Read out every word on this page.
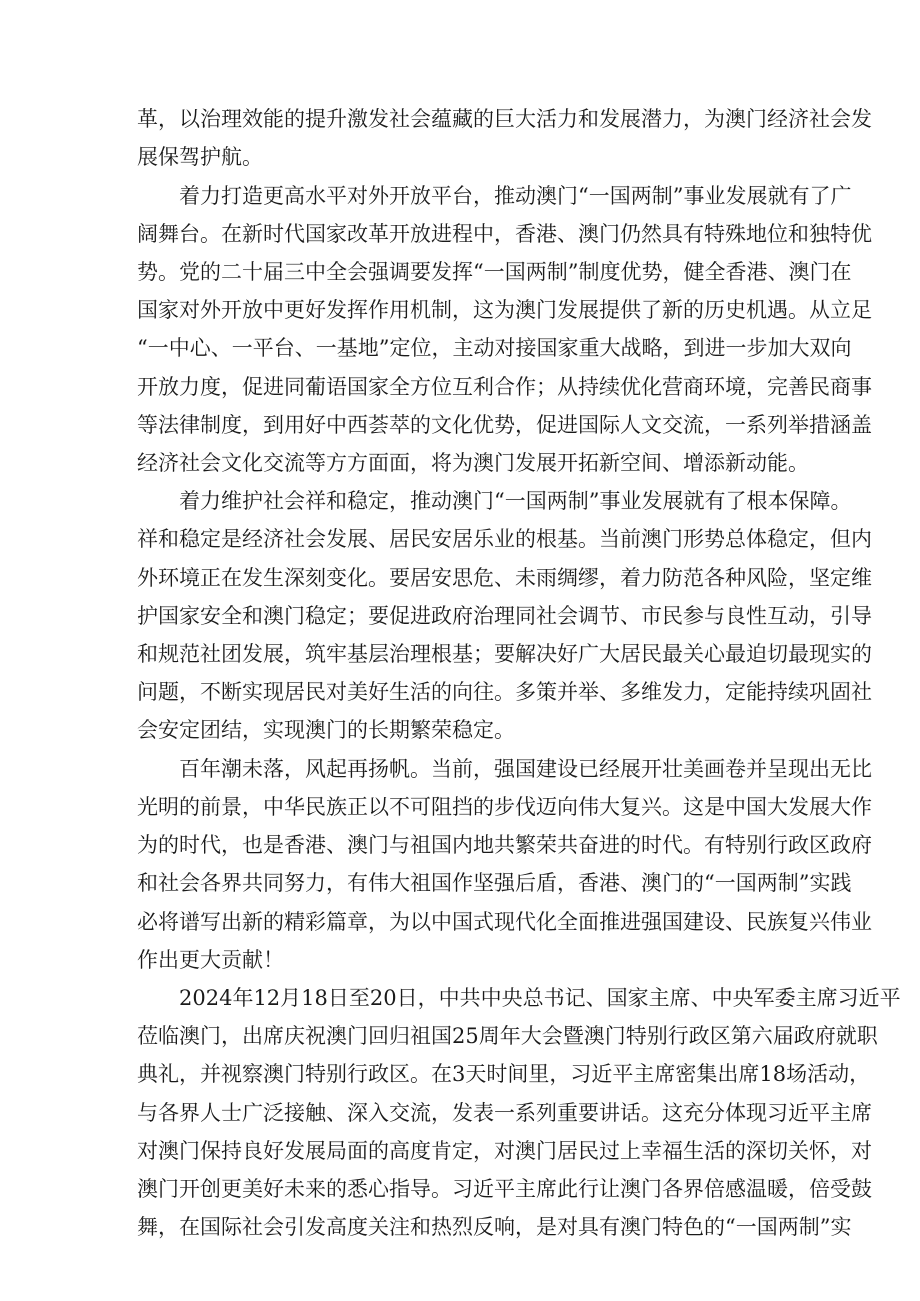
革，以治理效能的提升激发社会蕴藏的巨大活力和发展潜力，为澳门经济社会发
展保驾护航。
着力打造更高水平对外开放平台，推动澳门“一国两制”事业发展就有了广
阔舞台。在新时代国家改革开放进程中，香港、澳门仍然具有特殊地位和独特优
势。党的二十届三中全会强调要发挥“一国两制”制度优势，健全香港、澳门在
国家对外开放中更好发挥作用机制，这为澳门发展提供了新的历史机遇。从立足
“一中心、一平台、一基地”定位，主动对接国家重大战略，到进一步加大双向
开放力度，促进同葡语国家全方位互利合作；从持续优化营商环境，完善民商事
等法律制度，到用好中西荟萃的文化优势，促进国际人文交流，一系列举措涵盖
经济社会文化交流等方方面面，将为澳门发展开拓新空间、增添新动能。
着力维护社会祥和稳定，推动澳门“一国两制”事业发展就有了根本保障。
祥和稳定是经济社会发展、居民安居乐业的根基。当前澳门形势总体稳定，但内
外环境正在发生深刻变化。要居安思危、未雨绸缪，着力防范各种风险，坚定维
护国家安全和澳门稳定；要促进政府治理同社会调节、市民参与良性互动，引导
和规范社团发展，筑牢基层治理根基；要解决好广大居民最关心最迫切最现实的
问题，不断实现居民对美好生活的向往。多策并举、多维发力，定能持续巩固社
会安定团结，实现澳门的长期繁荣稳定。
百年潮未落，风起再扬帆。当前，强国建设已经展开壮美画卷并呈现出无比
光明的前景，中华民族正以不可阻挡的步伐迈向伟大复兴。这是中国大发展大作
为的时代，也是香港、澳门与祖国内地共繁荣共奋进的时代。有特别行政区政府
和社会各界共同努力，有伟大祖国作坚强后盾，香港、澳门的“一国两制”实践
必将谱写出新的精彩篇章，为以中国式现代化全面推进强国建设、民族复兴伟业
作出更大贡献！
2024年12月18日至20日，中共中央总书记、国家主席、中央军委主席习近平
莅临澳门，出席庆祝澳门回归祖国25周年大会暨澳门特别行政区第六届政府就职
典礼，并视察澳门特别行政区。在3天时间里，习近平主席密集出席18场活动，
与各界人士广泛接触、深入交流，发表一系列重要讲话。这充分体现习近平主席
对澳门保持良好发展局面的高度肯定，对澳门居民过上幸福生活的深切关怀，对
澳门开创更美好未来的悉心指导。习近平主席此行让澳门各界倍感温暖，倍受鼓
舞，在国际社会引发高度关注和热烈反响，是对具有澳门特色的“一国两制”实
